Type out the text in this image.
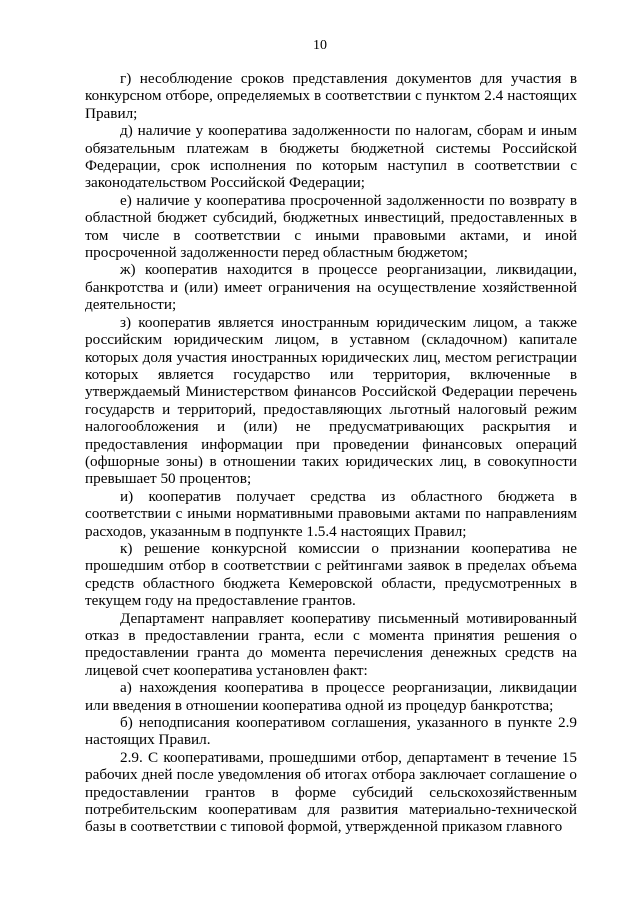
10

г) несоблюдение сроков представления документов для участия в конкурсном отборе, определяемых в соответствии с пунктом 2.4 настоящих Правил;

д) наличие у кооператива задолженности по налогам, сборам и иным обязательным платежам в бюджеты бюджетной системы Российской Федерации, срок исполнения по которым наступил в соответствии с законодательством Российской Федерации;

е) наличие у кооператива просроченной задолженности по возврату в областной бюджет субсидий, бюджетных инвестиций, предоставленных в том числе в соответствии с иными правовыми актами, и иной просроченной задолженности перед областным бюджетом;

ж) кооператив находится в процессе реорганизации, ликвидации, банкротства и (или) имеет ограничения на осуществление хозяйственной деятельности;

з) кооператив является иностранным юридическим лицом, а также российским юридическим лицом, в уставном (складочном) капитале которых доля участия иностранных юридических лиц, местом регистрации которых является государство или территория, включенные в утверждаемый Министерством финансов Российской Федерации перечень государств и территорий, предоставляющих льготный налоговый режим налогообложения и (или) не предусматривающих раскрытия и предоставления информации при проведении финансовых операций (офшорные зоны) в отношении таких юридических лиц, в совокупности превышает 50 процентов;

и) кооператив получает средства из областного бюджета в соответствии с иными нормативными правовыми актами по направлениям расходов, указанным в подпункте 1.5.4 настоящих Правил;

к) решение конкурсной комиссии о признании кооператива не прошедшим отбор в соответствии с рейтингами заявок в пределах объема средств областного бюджета Кемеровской области, предусмотренных в текущем году на предоставление грантов.

Департамент направляет кооперативу письменный мотивированный отказ в предоставлении гранта, если с момента принятия решения о предоставлении гранта до момента перечисления денежных средств на лицевой счет кооператива установлен факт:

а) нахождения кооператива в процессе реорганизации, ликвидации или введения в отношении кооператива одной из процедур банкротства;

б) неподписания кооперативом соглашения, указанного в пункте 2.9 настоящих Правил.

2.9. С кооперативами, прошедшими отбор, департамент в течение 15 рабочих дней после уведомления об итогах отбора заключает соглашение о предоставлении грантов в форме субсидий сельскохозяйственным потребительским кооперативам для развития материально-технической базы в соответствии с типовой формой, утвержденной приказом главного
